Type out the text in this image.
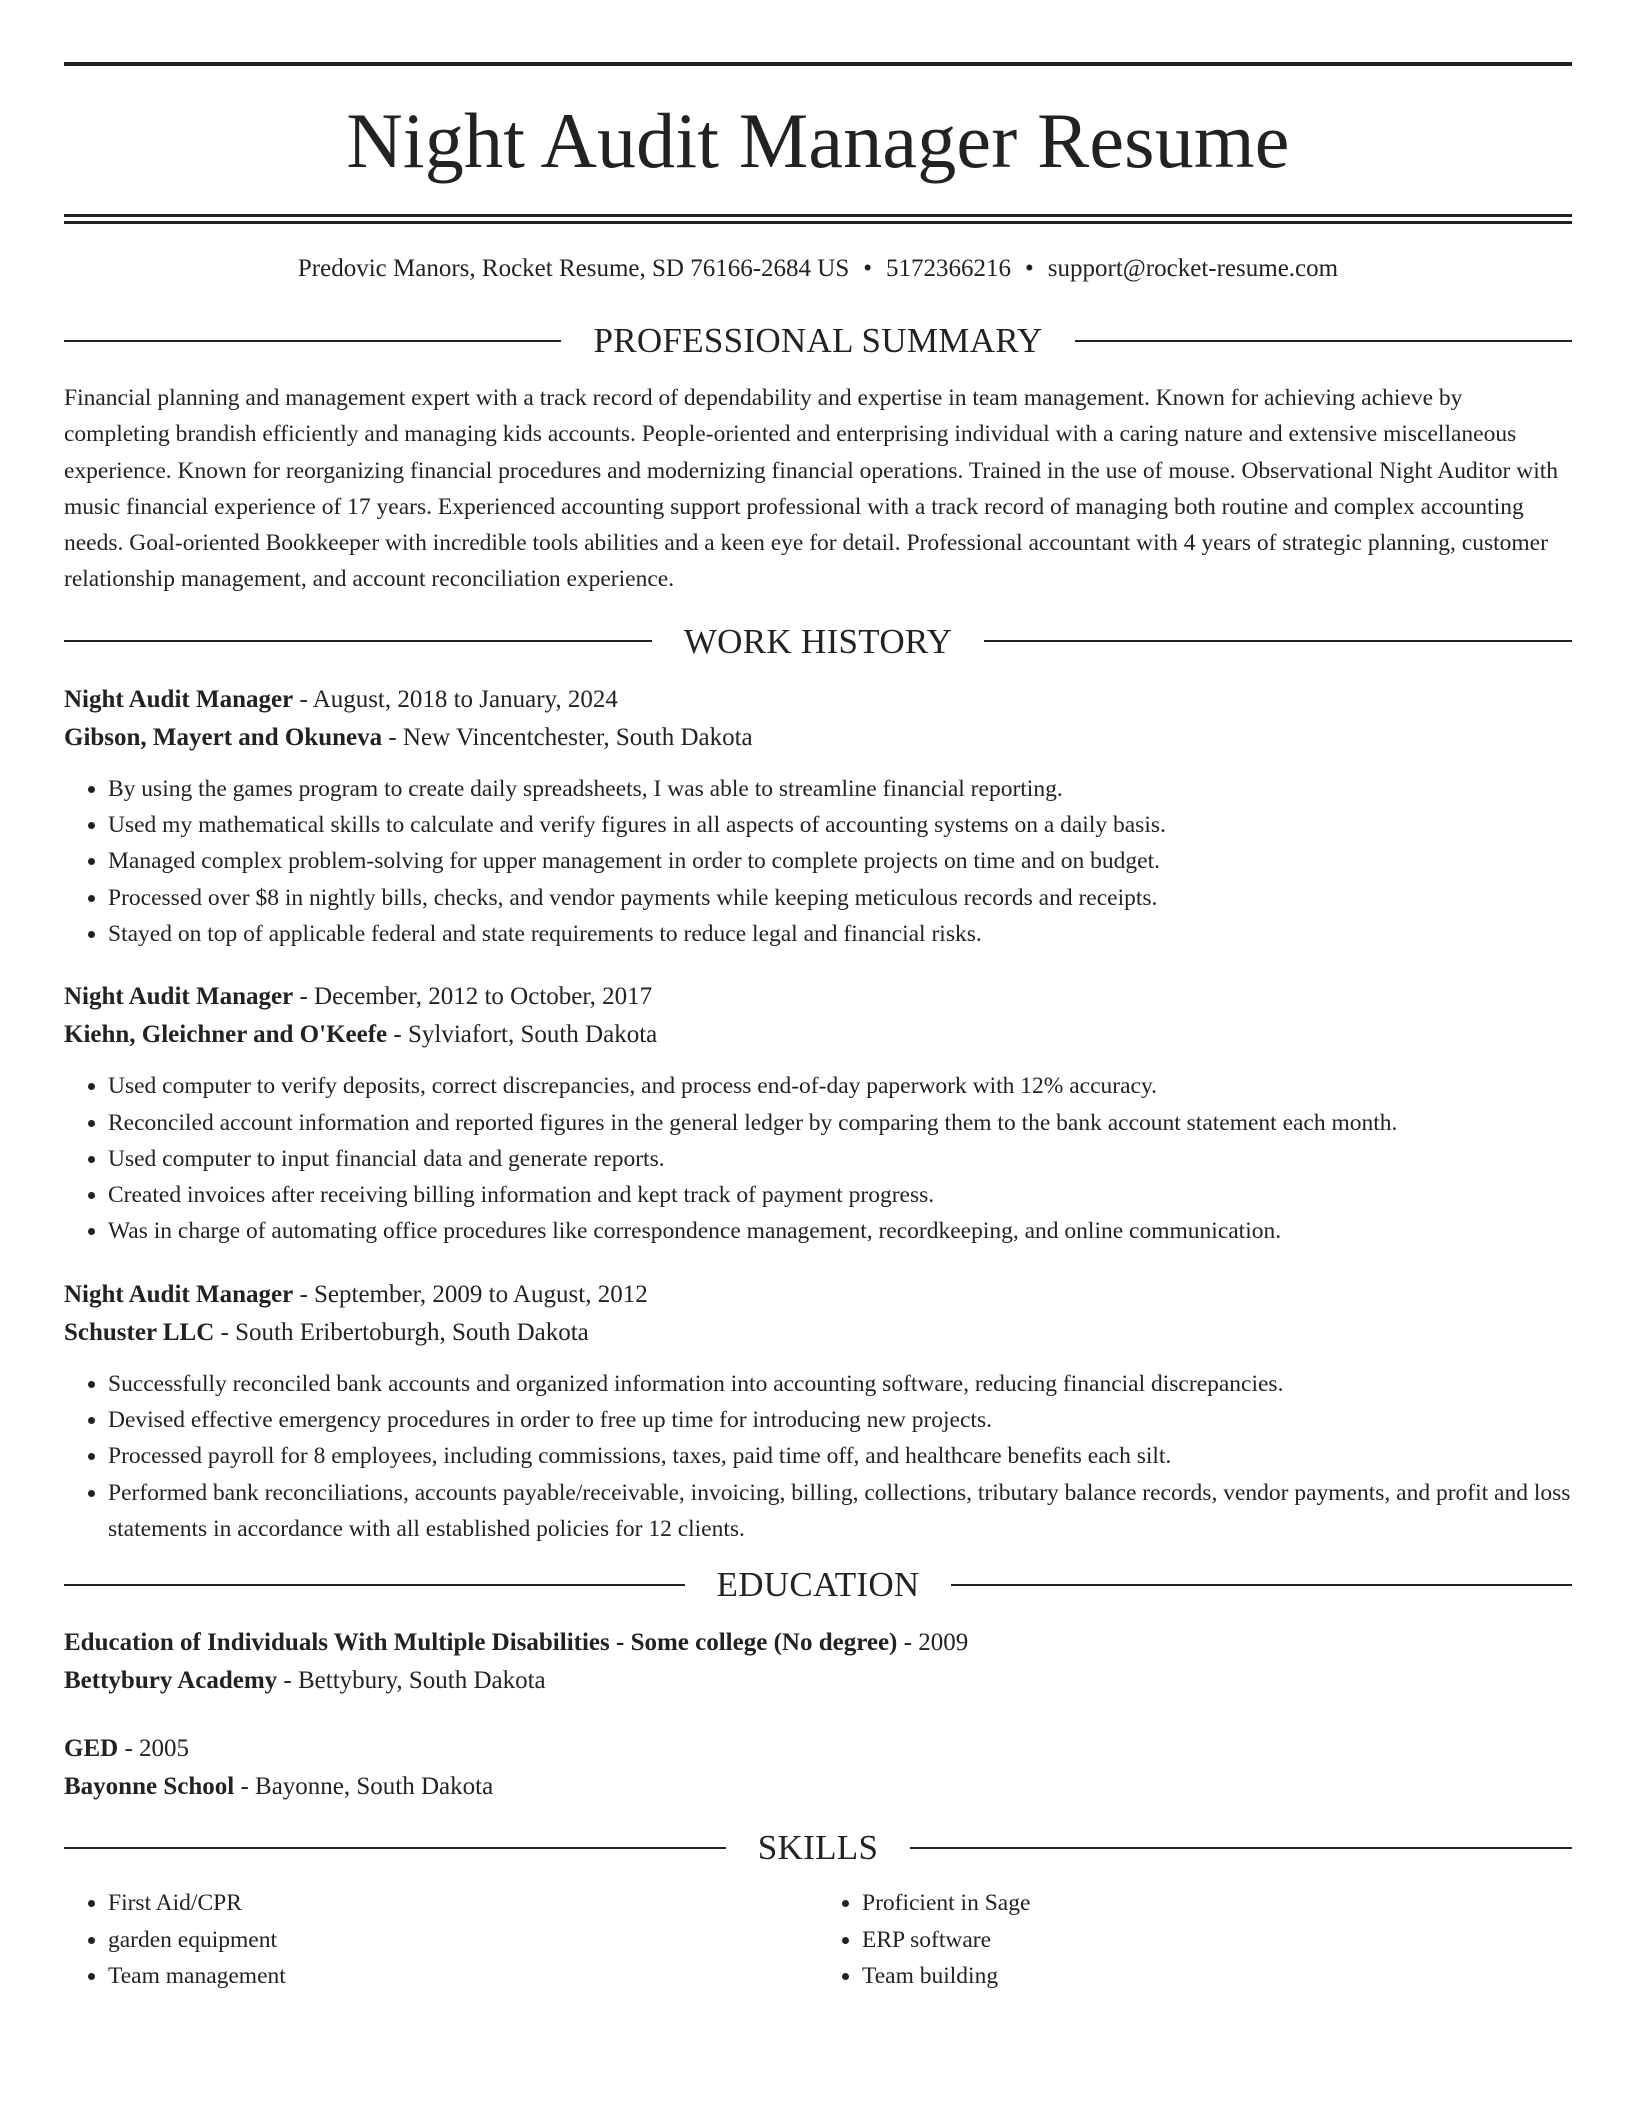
Night Audit Manager Resume
Predovic Manors, Rocket Resume, SD 76166-2684 US • 5172366216 • support@rocket-resume.com
PROFESSIONAL SUMMARY

Financial planning and management expert with a track record of dependability and expertise in team management. Known for achieving achieve by completing brandish efficiently and managing kids accounts. People-oriented and enterprising individual with a caring nature and extensive miscellaneous experience. Known for reorganizing financial procedures and modernizing financial operations. Trained in the use of mouse. Observational Night Auditor with music financial experience of 17 years. Experienced accounting support professional with a track record of managing both routine and complex accounting needs. Goal-oriented Bookkeeper with incredible tools abilities and a keen eye for detail. Professional accountant with 4 years of strategic planning, customer relationship management, and account reconciliation experience.

WORK HISTORY
Night Audit Manager - August, 2018 to January, 2024
Gibson, Mayert and Okuneva - New Vincentchester, South Dakota
• By using the games program to create daily spreadsheets, I was able to streamline financial reporting.
• Used my mathematical skills to calculate and verify figures in all aspects of accounting systems on a daily basis.
• Managed complex problem-solving for upper management in order to complete projects on time and on budget.
• Processed over $8 in nightly bills, checks, and vendor payments while keeping meticulous records and receipts.
• Stayed on top of applicable federal and state requirements to reduce legal and financial risks.
Night Audit Manager - December, 2012 to October, 2017
Kiehn, Gleichner and O'Keefe - Sylviafort, South Dakota
• Used computer to verify deposits, correct discrepancies, and process end-of-day paperwork with 12% accuracy.
• Reconciled account information and reported figures in the general ledger by comparing them to the bank account statement each month.
• Used computer to input financial data and generate reports.
• Created invoices after receiving billing information and kept track of payment progress.
• Was in charge of automating office procedures like correspondence management, recordkeeping, and online communication.
Night Audit Manager - September, 2009 to August, 2012
Schuster LLC - South Eribertoburgh, South Dakota
• Successfully reconciled bank accounts and organized information into accounting software, reducing financial discrepancies.
• Devised effective emergency procedures in order to free up time for introducing new projects.
• Processed payroll for 8 employees, including commissions, taxes, paid time off, and healthcare benefits each silt.
• Performed bank reconciliations, accounts payable/receivable, invoicing, billing, collections, tributary balance records, vendor payments, and profit and loss statements in accordance with all established policies for 12 clients.
EDUCATION
Education of Individuals With Multiple Disabilities - Some college (No degree) - 2009
Bettybury Academy - Bettybury, South Dakota
GED - 2005
Bayonne School - Bayonne, South Dakota
SKILLS
• First Aid/CPR
• garden equipment
• Team management
• Proficient in Sage
• ERP software
• Team building
